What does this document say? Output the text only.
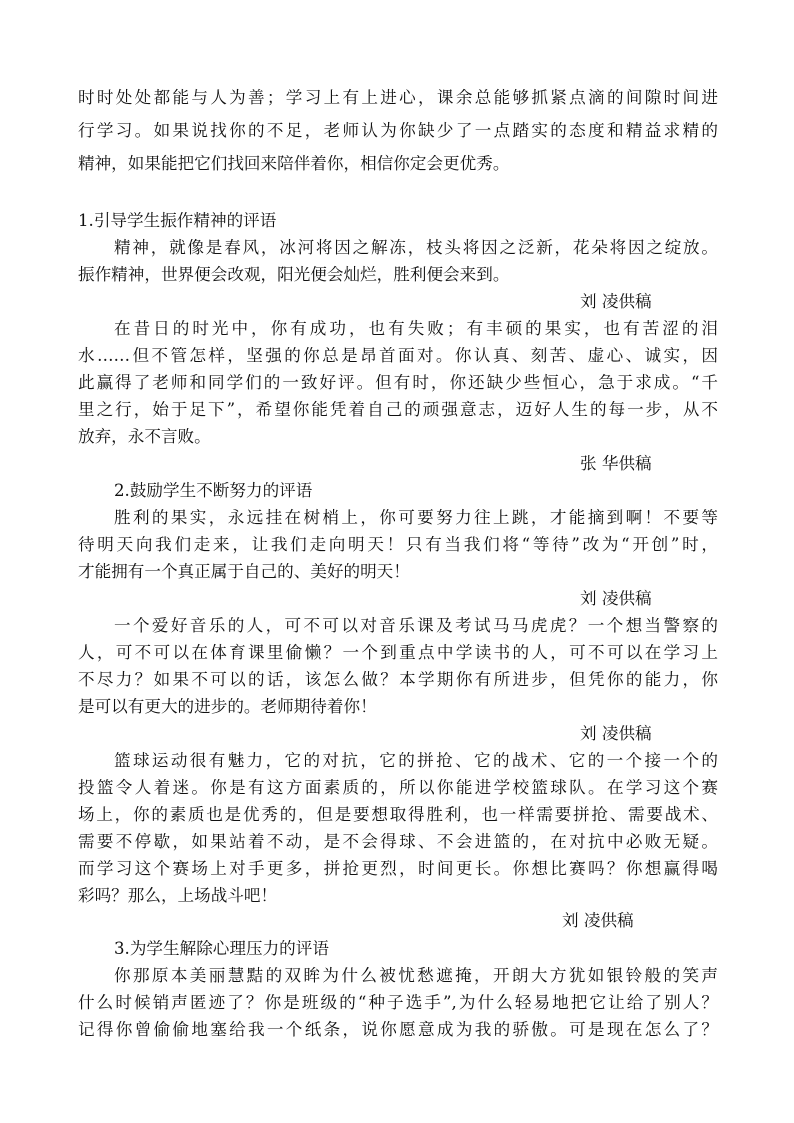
时时处处都能与人为善；学习上有上进心，课余总能够抓紧点滴的间隙时间进
行学习。如果说找你的不足，老师认为你缺少了一点踏实的态度和精益求精的
精神，如果能把它们找回来陪伴着你，相信你定会更优秀。
1.引导学生振作精神的评语
精神，就像是春风，冰河将因之解冻，枝头将因之泛新，花朵将因之绽放。
振作精神，世界便会改观，阳光便会灿烂，胜利便会来到。
刘 凌供稿
在昔日的时光中，你有成功，也有失败；有丰硕的果实，也有苦涩的泪
水……但不管怎样，坚强的你总是昂首面对。你认真、刻苦、虚心、诚实，因
此赢得了老师和同学们的一致好评。但有时，你还缺少些恒心，急于求成。“千
里之行，始于足下”，希望你能凭着自己的顽强意志，迈好人生的每一步，从不
放弃，永不言败。
张 华供稿
2.鼓励学生不断努力的评语
胜利的果实，永远挂在树梢上，你可要努力往上跳，才能摘到啊！不要等
待明天向我们走来，让我们走向明天！只有当我们将“等待”改为“开创”时，
才能拥有一个真正属于自己的、美好的明天！
刘 凌供稿
一个爱好音乐的人，可不可以对音乐课及考试马马虎虎？一个想当警察的
人，可不可以在体育课里偷懒？一个到重点中学读书的人，可不可以在学习上
不尽力？如果不可以的话，该怎么做？本学期你有所进步，但凭你的能力，你
是可以有更大的进步的。老师期待着你！
刘 凌供稿
篮球运动很有魅力，它的对抗，它的拼抢、它的战术、它的一个接一个的
投篮令人着迷。你是有这方面素质的，所以你能进学校篮球队。在学习这个赛
场上，你的素质也是优秀的，但是要想取得胜利，也一样需要拼抢、需要战术、
需要不停歇，如果站着不动，是不会得球、不会进篮的，在对抗中必败无疑。
而学习这个赛场上对手更多，拼抢更烈，时间更长。你想比赛吗？你想赢得喝
彩吗？那么，上场战斗吧！
刘 凌供稿
3.为学生解除心理压力的评语
你那原本美丽慧黠的双眸为什么被忧愁遮掩，开朗大方犹如银铃般的笑声
什么时候销声匿迹了？你是班级的“种子选手”,为什么轻易地把它让给了别人？
记得你曾偷偷地塞给我一个纸条，说你愿意成为我的骄傲。可是现在怎么了？
